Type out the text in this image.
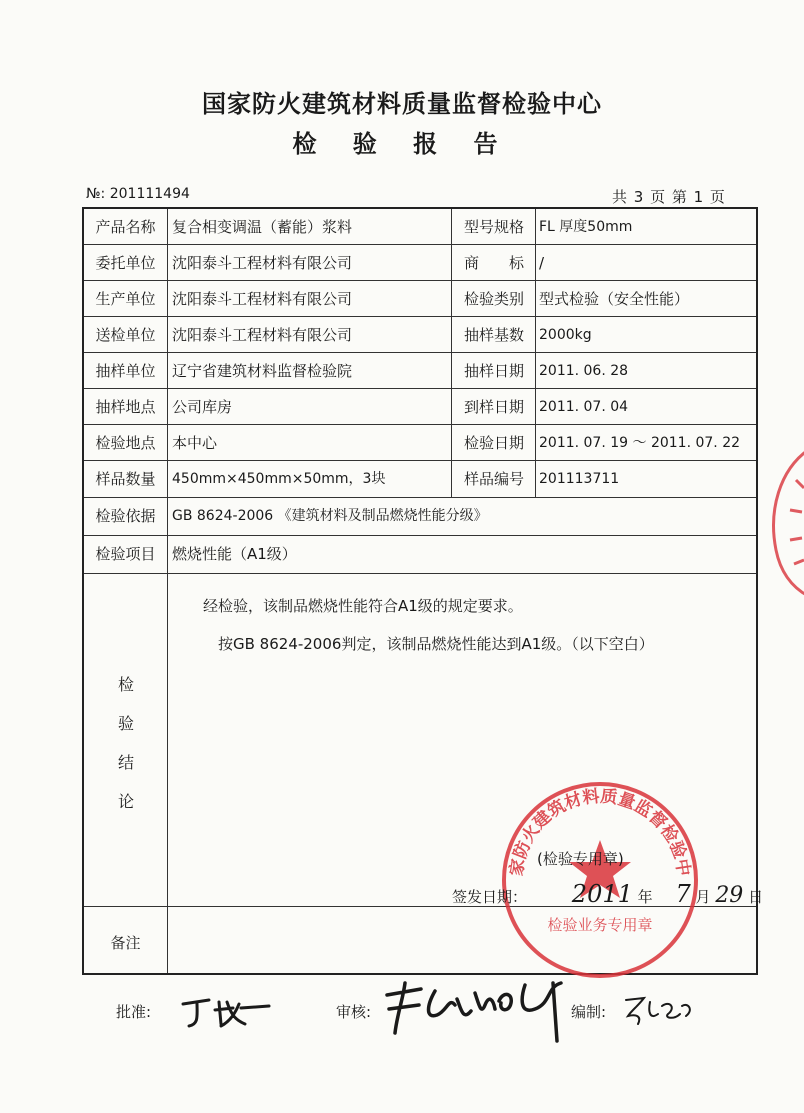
国家防火建筑材料质量监督检验中心
检 验 报 告
№: 201111494	共 3 页 第 1 页
产品名称	复合相变调温（蓄能）浆料	型号规格	FL 厚度50mm
委托单位	沈阳泰斗工程材料有限公司	商　　标	/
生产单位	沈阳泰斗工程材料有限公司	检验类别	型式检验（安全性能）
送检单位	沈阳泰斗工程材料有限公司	抽样基数	2000kg
抽样单位	辽宁省建筑材料监督检验院	抽样日期	2011. 06. 28
抽样地点	公司库房	到样日期	2011. 07. 04
检验地点	本中心	检验日期	2011. 07. 19 ～ 2011. 07. 22
样品数量	450mm×450mm×50mm，3块	样品编号	201113711
检验依据	GB 8624-2006 《建筑材料及制品燃烧性能分级》
检验项目	燃烧性能（A1级）
检
验
结
论
经检验，该制品燃烧性能符合A1级的规定要求。
按GB 8624-2006判定，该制品燃烧性能达到A1级。（以下空白）
备注
国家防火建筑材料质量监督检验中心
检验业务专用章
(检验专用章)
签发日期： 2011 年 7 月 29 日
批准:	审核:	编制:
